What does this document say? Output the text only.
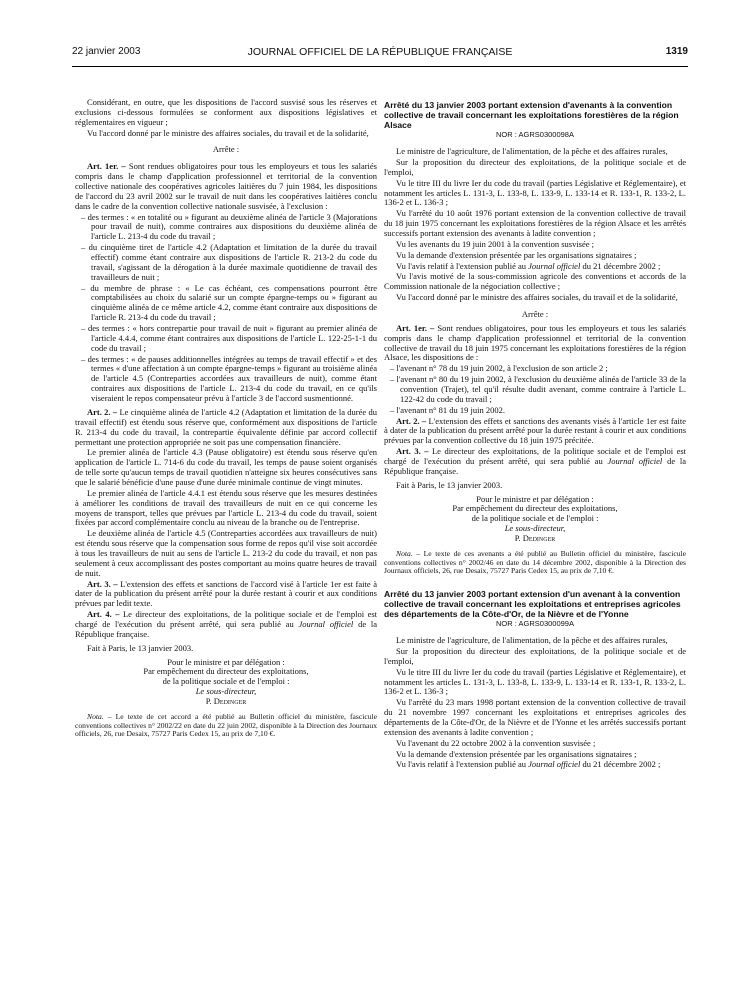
22 janvier 2003	JOURNAL OFFICIEL DE LA RÉPUBLIQUE FRANÇAISE	1319

Considérant, en outre, que les dispositions de l'accord susvisé sous les réserves et exclusions ci-dessous formulées se conforment aux dispositions législatives et réglementaires en vigueur ;

Vu l'accord donné par le ministre des affaires sociales, du travail et de la solidarité,

Arrête :

Art. 1er. – Sont rendues obligatoires pour tous les employeurs et tous les salariés compris dans le champ d'application professionnel et territorial de la convention collective nationale des coopératives agricoles laitières du 7 juin 1984, les dispositions de l'accord du 23 avril 2002 sur le travail de nuit dans les coopératives laitières conclu dans le cadre de la convention collective nationale susvisée, à l'exclusion :

– des termes : « en totalité ou » figurant au deuxième alinéa de l'article 3 (Majorations pour travail de nuit), comme contraires aux dispositions du deuxième alinéa de l'article L. 213-4 du code du travail ;

– du cinquième tiret de l'article 4.2 (Adaptation et limitation de la durée du travail effectif) comme étant contraire aux dispositions de l'article R. 213-2 du code du travail, s'agissant de la dérogation à la durée maximale quotidienne de travail des travailleurs de nuit ;

– du membre de phrase : « Le cas échéant, ces compensations pourront être comptabilisées au choix du salarié sur un compte épargne-temps ou » figurant au cinquième alinéa de ce même article 4.2, comme étant contraire aux dispositions de l'article R. 213-4 du code du travail ;

– des termes : « hors contrepartie pour travail de nuit » figurant au premier alinéa de l'article 4.4.4, comme étant contraires aux dispositions de l'article L. 122-25-1-1 du code du travail ;

– des termes : « de pauses additionnelles intégrées au temps de travail effectif » et des termes « d'une affectation à un compte épargne-temps » figurant au troisième alinéa de l'article 4.5 (Contreparties accordées aux travailleurs de nuit), comme étant contraires aux dispositions de l'article L. 213-4 du code du travail, en ce qu'ils viseraient le repos compensateur prévu à l'article 3 de l'accord susmentionné.

Art. 2. – Le cinquième alinéa de l'article 4.2 (Adaptation et limitation de la durée du travail effectif) est étendu sous réserve que, conformément aux dispositions de l'article R. 213-4 du code du travail, la contrepartie équivalente définie par accord collectif permettant une protection appropriée ne soit pas une compensation financière.

Le premier alinéa de l'article 4.3 (Pause obligatoire) est étendu sous réserve qu'en application de l'article L. 714-6 du code du travail, les temps de pause soient organisés de telle sorte qu'aucun temps de travail quotidien n'atteigne six heures consécutives sans que le salarié bénéficie d'une pause d'une durée minimale continue de vingt minutes.

Le premier alinéa de l'article 4.4.1 est étendu sous réserve que les mesures destinées à améliorer les conditions de travail des travailleurs de nuit en ce qui concerne les moyens de transport, telles que prévues par l'article L. 213-4 du code du travail, soient fixées par accord complémentaire conclu au niveau de la branche ou de l'entreprise.

Le deuxième alinéa de l'article 4.5 (Contreparties accordées aux travailleurs de nuit) est étendu sous réserve que la compensation sous forme de repos qu'il vise soit accordée à tous les travailleurs de nuit au sens de l'article L. 213-2 du code du travail, et non pas seulement à ceux accomplissant des postes comportant au moins quatre heures de travail de nuit.

Art. 3. – L'extension des effets et sanctions de l'accord visé à l'article 1er est faite à dater de la publication du présent arrêté pour la durée restant à courir et aux conditions prévues par ledit texte.

Art. 4. – Le directeur des exploitations, de la politique sociale et de l'emploi est chargé de l'exécution du présent arrêté, qui sera publié au Journal officiel de la République française.

Fait à Paris, le 13 janvier 2003.

Pour le ministre et par délégation :
Par empêchement du directeur des exploitations,
de la politique sociale et de l'emploi :
Le sous-directeur,
P. Dedinger

Nota. – Le texte de cet accord a été publié au Bulletin officiel du ministère, fascicule conventions collectives n° 2002/22 en date du 22 juin 2002, disponible à la Direction des Journaux officiels, 26, rue Desaix, 75727 Paris Cedex 15, au prix de 7,10 €.

Arrêté du 13 janvier 2003 portant extension d'avenants à la convention collective de travail concernant les exploitations forestières de la région Alsace

NOR : AGRS0300098A

Le ministre de l'agriculture, de l'alimentation, de la pêche et des affaires rurales,

Sur la proposition du directeur des exploitations, de la politique sociale et de l'emploi,

Vu le titre III du livre Ier du code du travail (parties Législative et Réglementaire), et notamment les articles L. 131-3, L. 133-8, L. 133-9, L. 133-14 et R. 133-1, R. 133-2, L. 136-2 et L. 136-3 ;

Vu l'arrêté du 10 août 1976 portant extension de la convention collective de travail du 18 juin 1975 concernant les exploitations forestières de la région Alsace et les arrêtés successifs portant extension des avenants à ladite convention ;

Vu les avenants du 19 juin 2001 à la convention susvisée ;

Vu la demande d'extension présentée par les organisations signataires ;

Vu l'avis relatif à l'extension publié au Journal officiel du 21 décembre 2002 ;

Vu l'avis motivé de la sous-commission agricole des conventions et accords de la Commission nationale de la négociation collective ;

Vu l'accord donné par le ministre des affaires sociales, du travail et de la solidarité,

Arrête :

Art. 1er. – Sont rendues obligatoires, pour tous les employeurs et tous les salariés compris dans le champ d'application professionnel et territorial de la convention collective de travail du 18 juin 1975 concernant les exploitations forestières de la région Alsace, les dispositions de :

– l'avenant n° 78 du 19 juin 2002, à l'exclusion de son article 2 ;

– l'avenant n° 80 du 19 juin 2002, à l'exclusion du deuxième alinéa de l'article 33 de la convention (Trajet), tel qu'il résulte dudit avenant, comme contraire à l'article L. 122-42 du code du travail ;

– l'avenant n° 81 du 19 juin 2002.

Art. 2. – L'extension des effets et sanctions des avenants visés à l'article 1er est faite à dater de la publication du présent arrêté pour la durée restant à courir et aux conditions prévues par la convention collective du 18 juin 1975 précitée.

Art. 3. – Le directeur des exploitations, de la politique sociale et de l'emploi est chargé de l'exécution du présent arrêté, qui sera publié au Journal officiel de la République française.

Fait à Paris, le 13 janvier 2003.

Pour le ministre et par délégation :
Par empêchement du directeur des exploitations,
de la politique sociale et de l'emploi :
Le sous-directeur,
P. Dedinger

Nota. – Le texte de ces avenants a été publié au Bulletin officiel du ministère, fascicule conventions collectives n° 2002/46 en date du 14 décembre 2002, disponible à la Direction des Journaux officiels, 26, rue Desaix, 75727 Paris Cedex 15, au prix de 7,10 €.

Arrêté du 13 janvier 2003 portant extension d'un avenant à la convention collective de travail concernant les exploitations et entreprises agricoles des départements de la Côte-d'Or, de la Nièvre et de l'Yonne

NOR : AGRS0300099A

Le ministre de l'agriculture, de l'alimentation, de la pêche et des affaires rurales,

Sur la proposition du directeur des exploitations, de la politique sociale et de l'emploi,

Vu le titre III du livre Ier du code du travail (parties Législative et Réglementaire), et notamment les articles L. 131-3, L. 133-8, L. 133-9, L. 133-14 et R. 133-1, R. 133-2, L. 136-2 et L. 136-3 ;

Vu l'arrêté du 23 mars 1998 portant extension de la convention collective de travail du 21 novembre 1997 concernant les exploitations et entreprises agricoles des départements de la Côte-d'Or, de la Nièvre et de l'Yonne et les arrêtés successifs portant extension des avenants à ladite convention ;

Vu l'avenant du 22 octobre 2002 à la convention susvisée ;

Vu la demande d'extension présentée par les organisations signataires ;

Vu l'avis relatif à l'extension publié au Journal officiel du 21 décembre 2002 ;
